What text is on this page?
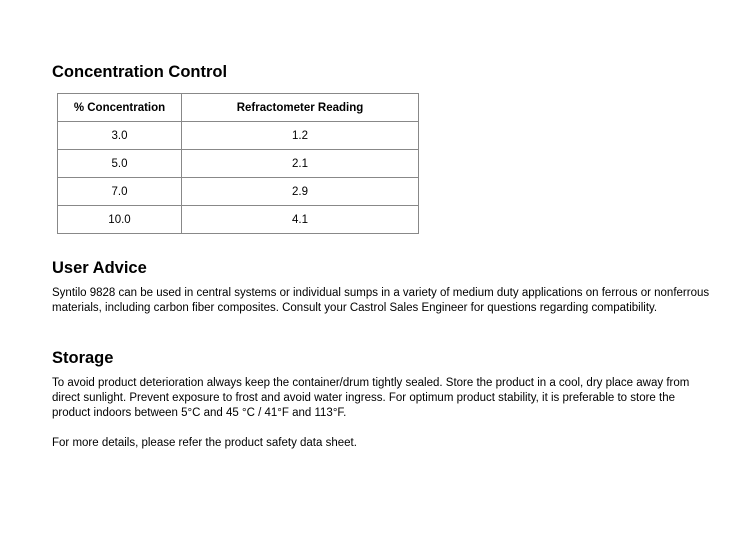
Concentration Control
% Concentration	Refractometer Reading
3.0	1.2
5.0	2.1
7.0	2.9
10.0	4.1
User Advice

Syntilo 9828 can be used in central systems or individual sumps in a variety of medium duty applications on ferrous or nonferrous materials, including carbon fiber composites. Consult your Castrol Sales Engineer for questions regarding compatibility.

Storage

To avoid product deterioration always keep the container/drum tightly sealed. Store the product in a cool, dry place away from direct sunlight. Prevent exposure to frost and avoid water ingress. For optimum product stability, it is preferable to store the product indoors between 5°C and 45 °C / 41°F and 113°F.

For more details, please refer the product safety data sheet.
